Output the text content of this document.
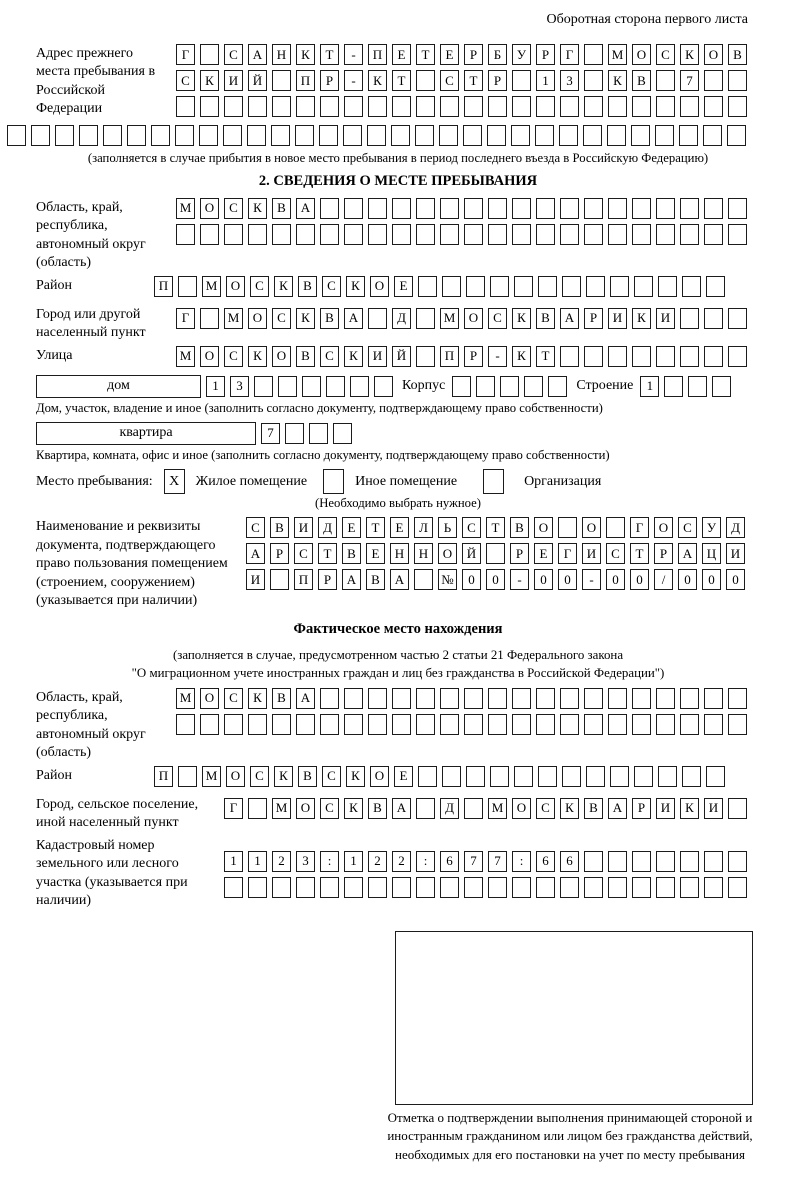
Оборотная сторона первого листа
Адрес прежнего места пребывания в Российской Федерации
Г	С	А	Н	К	Т	-	П	Е	Т	Е	Р	Б	У	Р	Г	М	О	С	К	О	В
С	К	И	Й	П	Р	-	К	Т	С	Т	Р	1	3	К	В	7
(заполняется в случае прибытия в новое место пребывания в период последнего въезда в Российскую Федерацию)
2. СВЕДЕНИЯ О МЕСТЕ ПРЕБЫВАНИЯ
Область, край, республика, автономный округ (область)
М	О	С	К	В	А
Район	П	М	О	С	К	В	С	К	О	Е
Город или другой населенный пункт
Г	М	О	С	К	В	А	Д	М	О	С	К	В	А	Р	И	К	И
Улица	М	О	С	К	О	В	С	К	И	Й	П	Р	-	К	Т
дом	1	3	Корпус	Строение	1
Дом, участок, владение и иное (заполнить согласно документу, подтверждающему право собственности)
квартира	7
Квартира, комната, офис и иное (заполнить согласно документу, подтверждающему право собственности)
Место пребывания:	Х	Жилое помещение	Иное помещение	Организация
(Необходимо выбрать нужное)
Наименование и реквизиты документа, подтверждающего право пользования помещением (строением, сооружением) (указывается при наличии)
С	В	И	Д	Е	Т	Е	Л	Ь	С	Т	В	О	О	Г	О	С	У	Д
А	Р	С	Т	В	Е	Н	Н	О	Й	Р	Е	Г	И	С	Т	Р	А	Ц	И
И	П	Р	А	В	А	№	0	0	-	0	0	-	0	0	/	0	0	0
Фактическое место нахождения
(заполняется в случае, предусмотренном частью 2 статьи 21 Федерального закона
"О миграционном учете иностранных граждан и лиц без гражданства в Российской Федерации")
Область, край, республика, автономный округ (область)
М	О	С	К	В	А
Район	П	М	О	С	К	В	С	К	О	Е
Город, сельское поселение, иной населенный пункт
Г	М	О	С	К	В	А	Д	М	О	С	К	В	А	Р	И	К	И
Кадастровый номер земельного или лесного участка (указывается при наличии)
1	1	2	3	:	1	2	2	:	6	7	7	:	6	6
Отметка о подтверждении выполнения принимающей стороной и иностранным гражданином или лицом без гражданства действий, необходимых для его постановки на учет по месту пребывания
